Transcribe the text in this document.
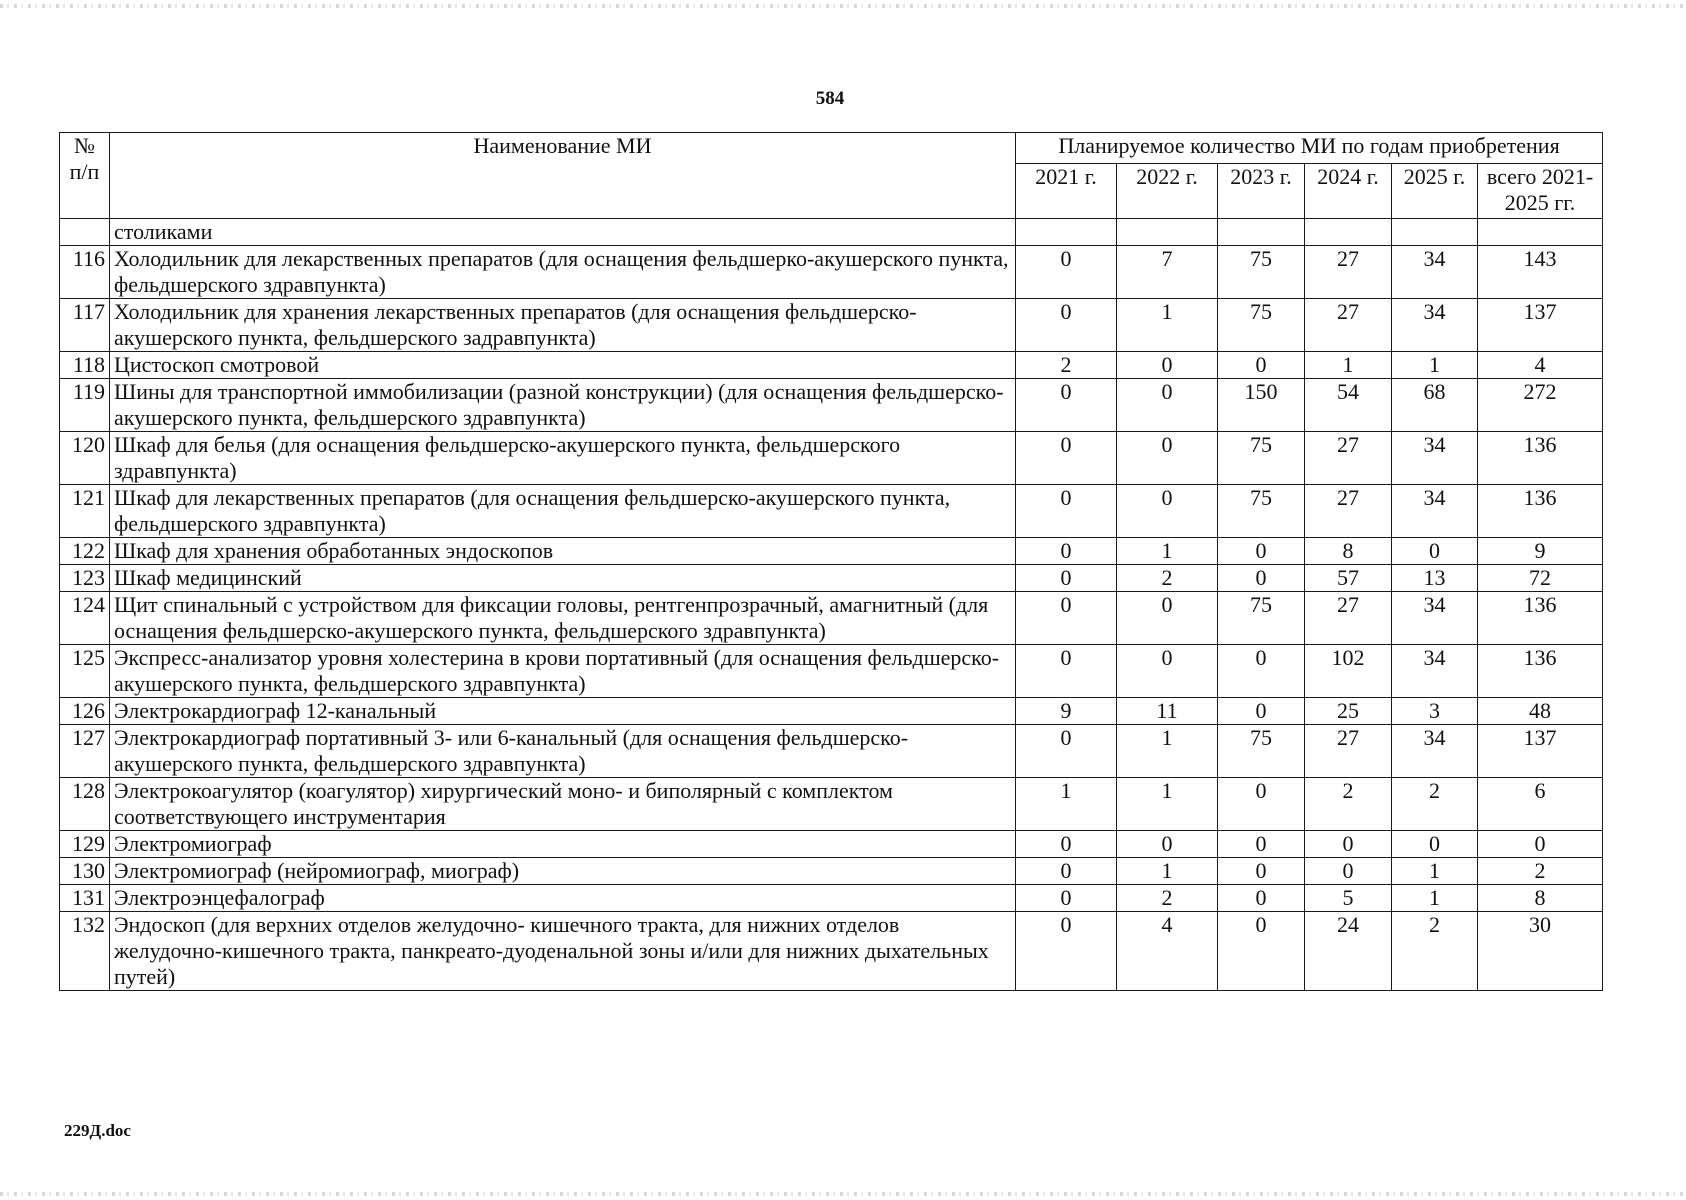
584
№ п/п	Наименование МИ	Планируемое количество МИ по годам приобретения					
		2021 г.	2022 г.	2023 г.	2024 г.	2025 г.	всего 2021-2025 гг.
	столиками						
116	Холодильник для лекарственных препаратов (для оснащения фельдшерко-акушерского пункта, фельдшерского здравпункта)	0	7	75	27	34	143
117	Холодильник для хранения лекарственных препаратов (для оснащения фельдшерско-акушерского пункта, фельдшерского задравпункта)	0	1	75	27	34	137
118	Цистоскоп смотровой	2	0	0	1	1	4
119	Шины для транспортной иммобилизации (разной конструкции) (для оснащения фельдшерско-акушерского пункта, фельдшерского здравпункта)	0	0	150	54	68	272
120	Шкаф для белья (для оснащения фельдшерско-акушерского пункта, фельдшерского здравпункта)	0	0	75	27	34	136
121	Шкаф для лекарственных препаратов (для оснащения фельдшерско-акушерского пункта, фельдшерского здравпункта)	0	0	75	27	34	136
122	Шкаф для хранения обработанных эндоскопов	0	1	0	8	0	9
123	Шкаф медицинский	0	2	0	57	13	72
124	Щит спинальный с устройством для фиксации головы, рентгенпрозрачный, амагнитный (для оснащения фельдшерско-акушерского пункта, фельдшерского здравпункта)	0	0	75	27	34	136
125	Экспресс-анализатор уровня холестерина в крови портативный (для оснащения фельдшерско-акушерского пункта, фельдшерского здравпункта)	0	0	0	102	34	136
126	Электрокардиограф 12-канальный	9	11	0	25	3	48
127	Электрокардиограф портативный 3- или 6-канальный (для оснащения фельдшерско-акушерского пункта, фельдшерского здравпункта)	0	1	75	27	34	137
128	Электрокоагулятор (коагулятор) хирургический моно- и биполярный с комплектом соответствующего инструментария	1	1	0	2	2	6
129	Электромиограф	0	0	0	0	0	0
130	Электромиограф (нейромиограф, миограф)	0	1	0	0	1	2
131	Электроэнцефалограф	0	2	0	5	1	8
132	Эндоскоп (для верхних отделов желудочно- кишечного тракта, для нижних отделов желудочно-кишечного тракта, панкреато-дуоденальной зоны и/или для нижних дыхательных путей)	0	4	0	24	2	30
229Д.doc
